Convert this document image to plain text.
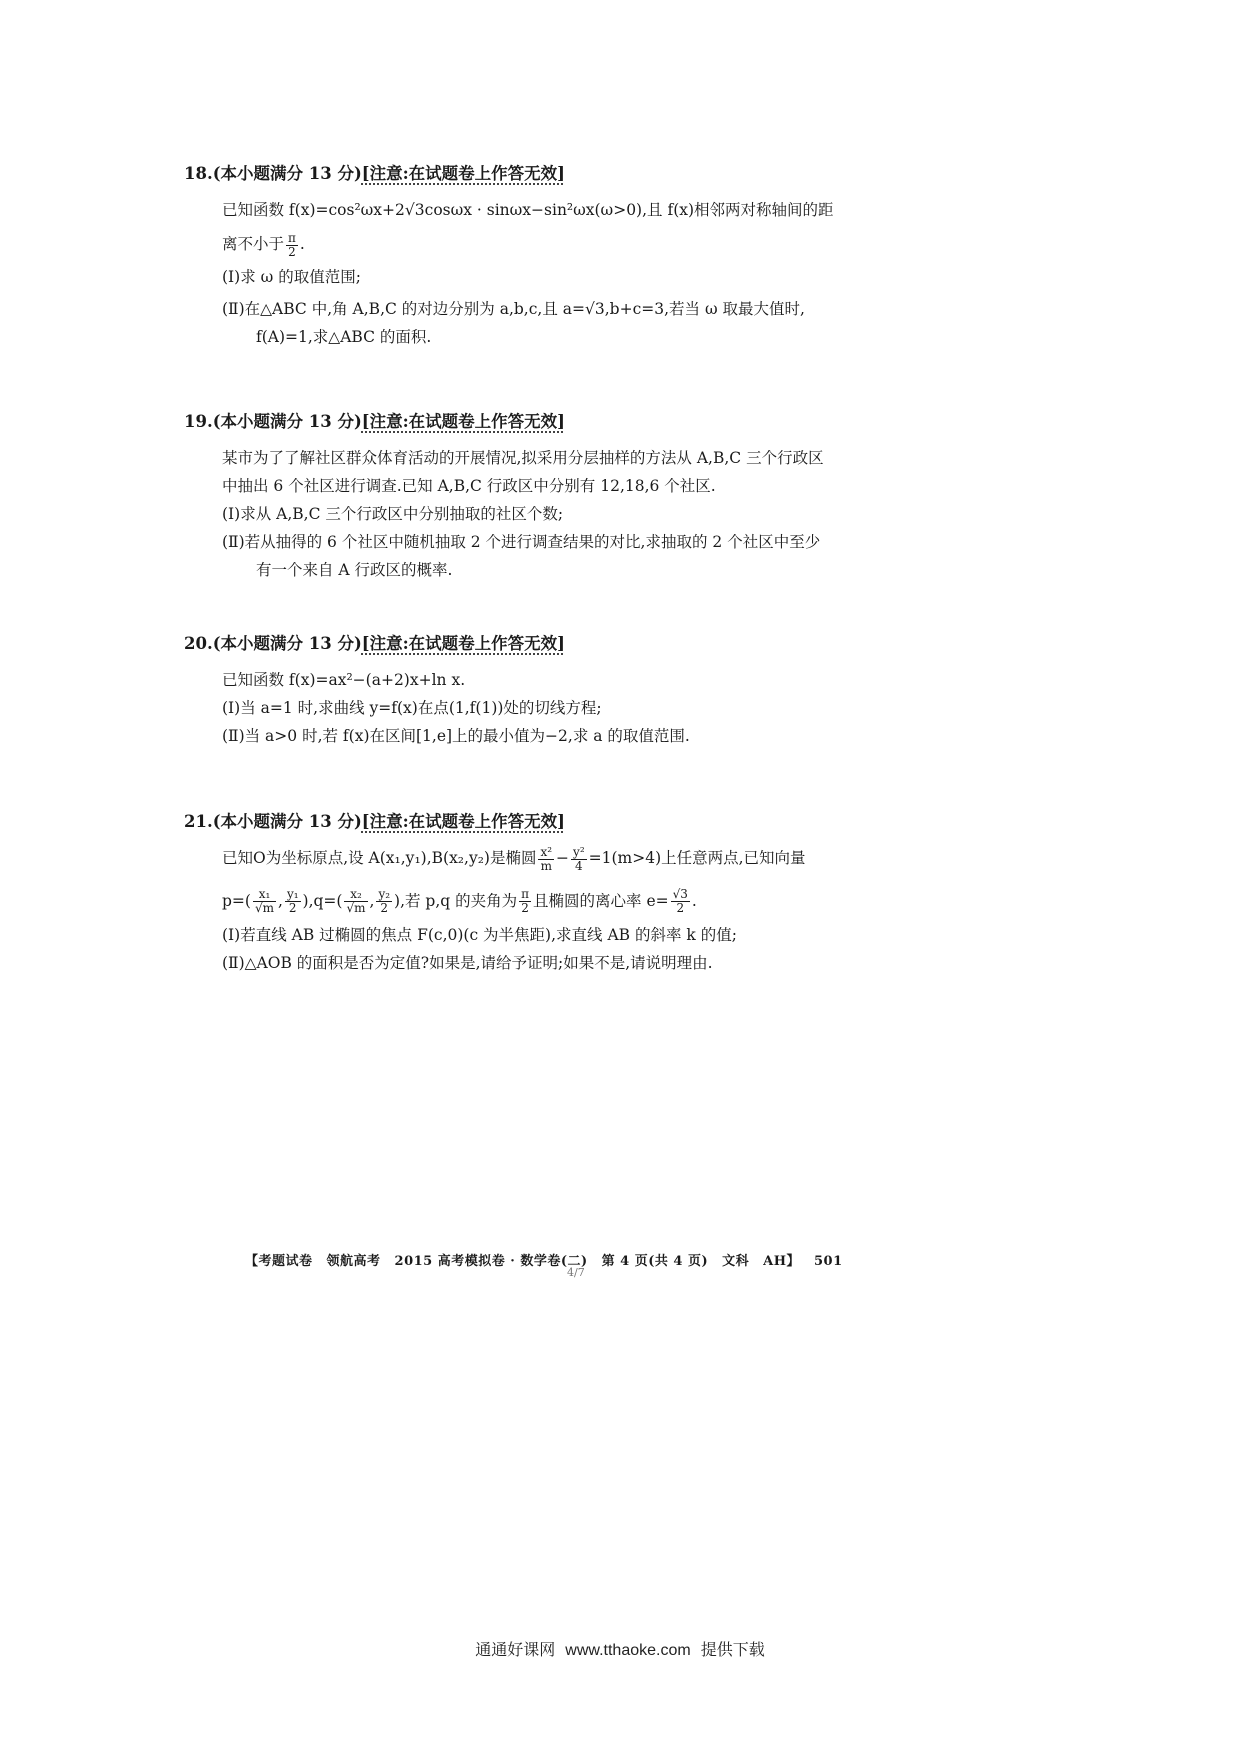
18.(本小题满分 13 分)[注意:在试题卷上作答无效]
已知函数 f(x)=cos²ωx+2√3cosωx · sinωx−sin²ωx(ω>0),且 f(x)相邻两对称轴间的距
离不小于 $\frac{\pi}{2}$ .
(Ⅰ)求 ω 的取值范围;
(Ⅱ)在△ABC 中,角 A,B,C 的对边分别为 a,b,c,且 a=√3,b+c=3,若当 ω 取最大值时,
f(A)=1,求△ABC 的面积.
19.(本小题满分 13 分)[注意:在试题卷上作答无效]
某市为了了解社区群众体育活动的开展情况,拟采用分层抽样的方法从 A,B,C 三个行政区
中抽出 6 个社区进行调查.已知 A,B,C 行政区中分别有 12,18,6 个社区.
(Ⅰ)求从 A,B,C 三个行政区中分别抽取的社区个数;
(Ⅱ)若从抽得的 6 个社区中随机抽取 2 个进行调查结果的对比,求抽取的 2 个社区中至少
有一个来自 A 行政区的概率.
20.(本小题满分 13 分)[注意:在试题卷上作答无效]
已知函数 f(x)=ax²−(a+2)x+ln x.
(Ⅰ)当 a=1 时,求曲线 y=f(x)在点(1,f(1))处的切线方程;
(Ⅱ)当 a>0 时,若 f(x)在区间[1,e]上的最小值为−2,求 a 的取值范围.
21.(本小题满分 13 分)[注意:在试题卷上作答无效]
已知O为坐标原点,设 A(x₁,y₁),B(x₂,y₂)是椭圆 $\frac{\text{x²}}{m} - \frac{\text{y²}}{4} =1(m>4)$上任意两点,已知向量
$p=( \frac{\text{x₁}}{√m}$ , $\frac{\text{y₁}}{2} ),q=( \frac{\text{x₂}}{√m}$ , $\frac{\text{y₂}}{2}$ ),若 p,q 的夹角为 $\frac{\pi}{2}$ 且椭圆的离心率 $e= \frac{√3}{2}$ .
(Ⅰ)若直线 AB 过椭圆的焦点 F(c,0)(c 为半焦距),求直线 AB 的斜率 k 的值;
(Ⅱ)△AOB 的面积是否为定值?如果是,请给予证明;如果不是,请说明理由.
【考题试卷 领航高考 2015 高考模拟卷 · 数学卷(二) 第 4 页(共 4 页) 文科 AH】 501
4/7
通通好课网 www.tthaoke.com 提供下载
